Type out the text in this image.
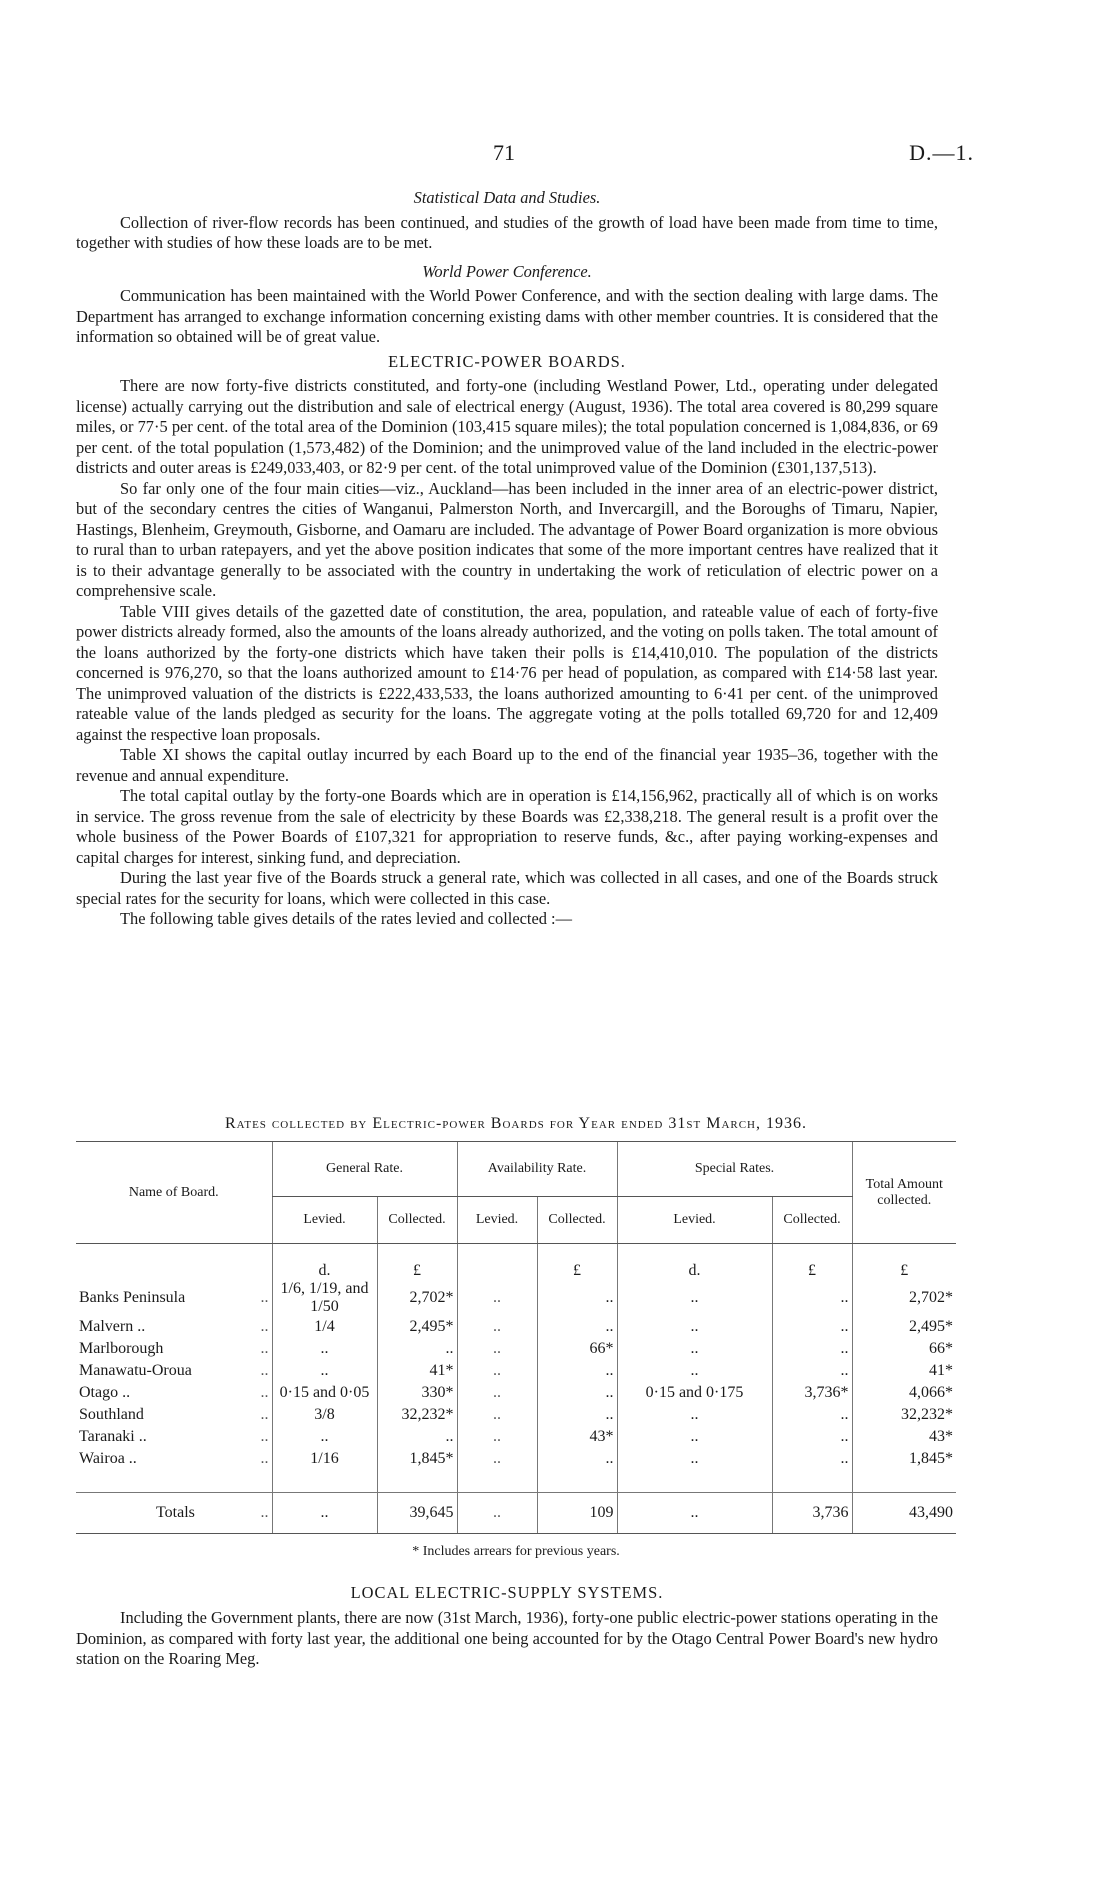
71	D.—1.
Statistical Data and Studies.

Collection of river-flow records has been continued, and studies of the growth of load have been made from time to time, together with studies of how these loads are to be met.

World Power Conference.

Communication has been maintained with the World Power Conference, and with the section dealing with large dams. The Department has arranged to exchange information concerning existing dams with other member countries. It is considered that the information so obtained will be of great value.

ELECTRIC-POWER BOARDS.

There are now forty-five districts constituted, and forty-one (including Westland Power, Ltd., operating under delegated license) actually carrying out the distribution and sale of electrical energy (August, 1936). The total area covered is 80,299 square miles, or 77·5 per cent. of the total area of the Dominion (103,415 square miles); the total population concerned is 1,084,836, or 69 per cent. of the total population (1,573,482) of the Dominion; and the unimproved value of the land included in the electric-power districts and outer areas is £249,033,403, or 82·9 per cent. of the total unimproved value of the Dominion (£301,137,513).

So far only one of the four main cities—viz., Auckland—has been included in the inner area of an electric-power district, but of the secondary centres the cities of Wanganui, Palmerston North, and Invercargill, and the Boroughs of Timaru, Napier, Hastings, Blenheim, Greymouth, Gisborne, and Oamaru are included. The advantage of Power Board organization is more obvious to rural than to urban ratepayers, and yet the above position indicates that some of the more important centres have realized that it is to their advantage generally to be associated with the country in undertaking the work of reticulation of electric power on a comprehensive scale.

Table VIII gives details of the gazetted date of constitution, the area, population, and rateable value of each of forty-five power districts already formed, also the amounts of the loans already authorized, and the voting on polls taken. The total amount of the loans authorized by the forty-one districts which have taken their polls is £14,410,010. The population of the districts concerned is 976,270, so that the loans authorized amount to £14·76 per head of population, as compared with £14·58 last year. The unimproved valuation of the districts is £222,433,533, the loans authorized amounting to 6·41 per cent. of the unimproved rateable value of the lands pledged as security for the loans. The aggregate voting at the polls totalled 69,720 for and 12,409 against the respective loan proposals.

Table XI shows the capital outlay incurred by each Board up to the end of the financial year 1935–36, together with the revenue and annual expenditure.

The total capital outlay by the forty-one Boards which are in operation is £14,156,962, practically all of which is on works in service. The gross revenue from the sale of electricity by these Boards was £2,338,218. The general result is a profit over the whole business of the Power Boards of £107,321 for appropriation to reserve funds, &c., after paying working-expenses and capital charges for interest, sinking fund, and depreciation.

During the last year five of the Boards struck a general rate, which was collected in all cases, and one of the Boards struck special rates for the security for loans, which were collected in this case.

The following table gives details of the rates levied and collected :—

Rates collected by Electric-power Boards for Year ended 31st March, 1936.
Name of Board.	General Rate.		Availability Rate.		Special Rates.		Total Amount collected.
	Levied.	Collected.	Levied.	Collected.	Levied.	Collected.	
	d.	£		£	d.	£	£
Banks Peninsula ..	1/6, 1/19, and 1/50	2,702*	..	..	..	..	2,702*
Malvern .. ..	1/4	2,495*	..	..	..	..	2,495*
Marlborough ..	..	..	..	66*	..	..	66*
Manawatu-Oroua ..	..	41*	..	..	..	..	41*
Otago .. ..	0·15 and 0·05	330*	..	..	0·15 and 0·175	3,736*	4,066*
Southland ..	3/8	32,232*	..	..	..	..	32,232*
Taranaki .. ..	..	..	..	43*	..	..	43*
Wairoa .. ..	1/16	1,845*	..	..	..	..	1,845*

Totals ..	..	39,645	..	109	..	3,736	43,490
* Includes arrears for previous years.
LOCAL ELECTRIC-SUPPLY SYSTEMS.

Including the Government plants, there are now (31st March, 1936), forty-one public electric-power stations operating in the Dominion, as compared with forty last year, the additional one being accounted for by the Otago Central Power Board's new hydro station on the Roaring Meg.
